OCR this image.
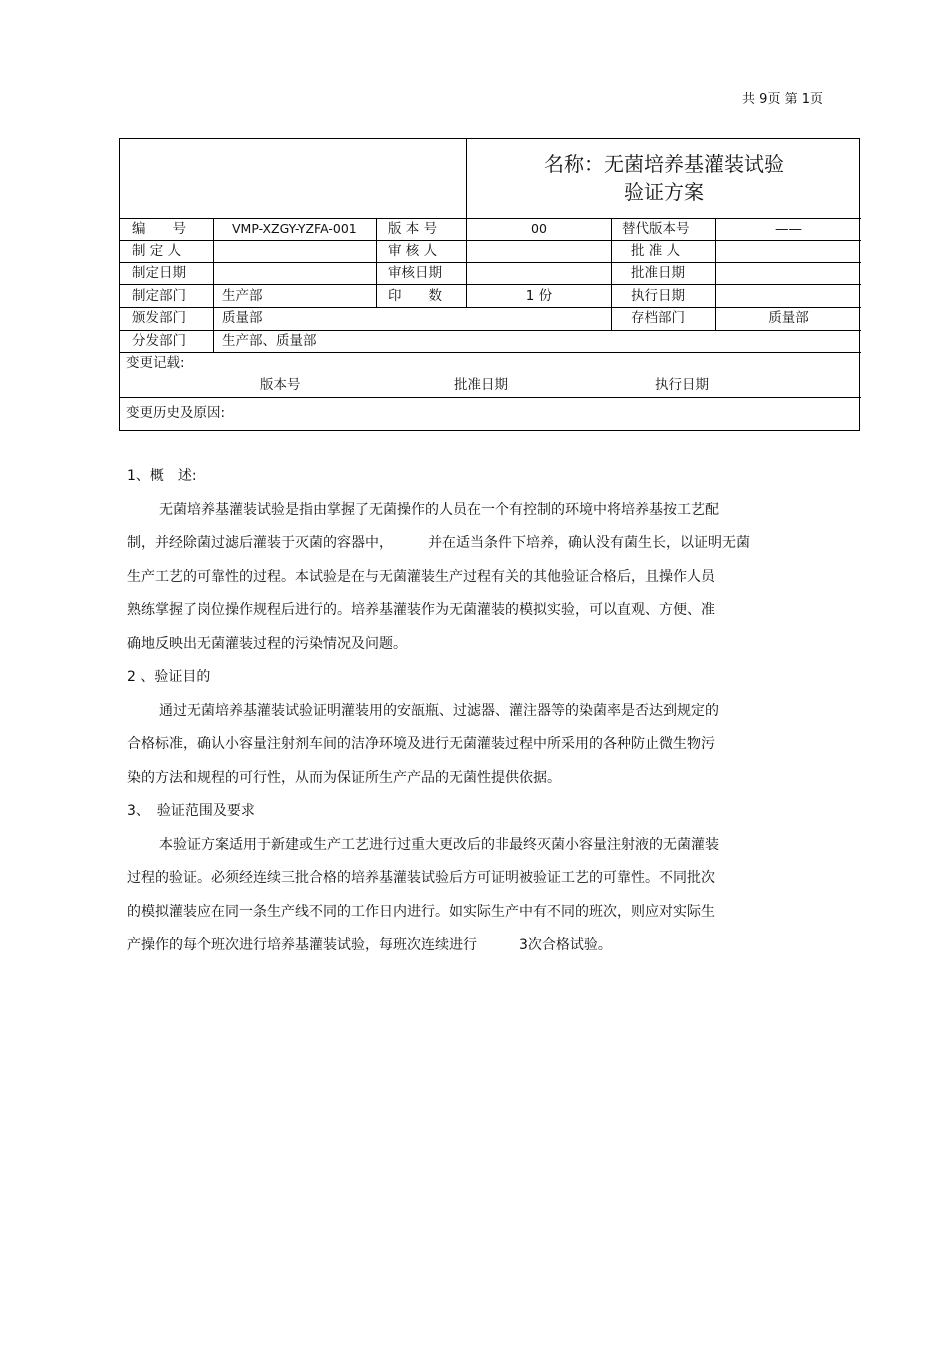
共 9页 第 1页
名称：无菌培养基灌装试验
验证方案
编　　号	VMP-XZGY-YZFA-001 版 本 号	00	替代版本号	——
制 定 人	审 核 人	批 准 人
制定日期	审核日期	批准日期
制定部门	生产部	印　　数	1 份	执行日期
颁发部门	质量部	存档部门	质量部
分发部门	生产部、质量部
变更记载:
版本号	批准日期	执行日期
变更历史及原因:
1、概　述:
无菌培养基灌装试验是指由掌握了无菌操作的人员在一个有控制的环境中将培养基按工艺配
制，并经除菌过滤后灌装于灭菌的容器中，　　　并在适当条件下培养，确认没有菌生长，以证明无菌
生产工艺的可靠性的过程。本试验是在与无菌灌装生产过程有关的其他验证合格后，且操作人员
熟练掌握了岗位操作规程后进行的。培养基灌装作为无菌灌装的模拟实验，可以直观、方便、准
确地反映出无菌灌装过程的污染情况及问题。
2 、验证目的
通过无菌培养基灌装试验证明灌装用的安瓿瓶、过滤器、灌注器等的染菌率是否达到规定的
合格标准，确认小容量注射剂车间的洁净环境及进行无菌灌装过程中所采用的各种防止微生物污
染的方法和规程的可行性，从而为保证所生产产品的无菌性提供依据。
3、　验证范围及要求
本验证方案适用于新建或生产工艺进行过重大更改后的非最终灭菌小容量注射液的无菌灌装
过程的验证。必须经连续三批合格的培养基灌装试验后方可证明被验证工艺的可靠性。不同批次
的模拟灌装应在同一条生产线不同的工作日内进行。如实际生产中有不同的班次，则应对实际生
产操作的每个班次进行培养基灌装试验，每班次连续进行　　　3次合格试验。
